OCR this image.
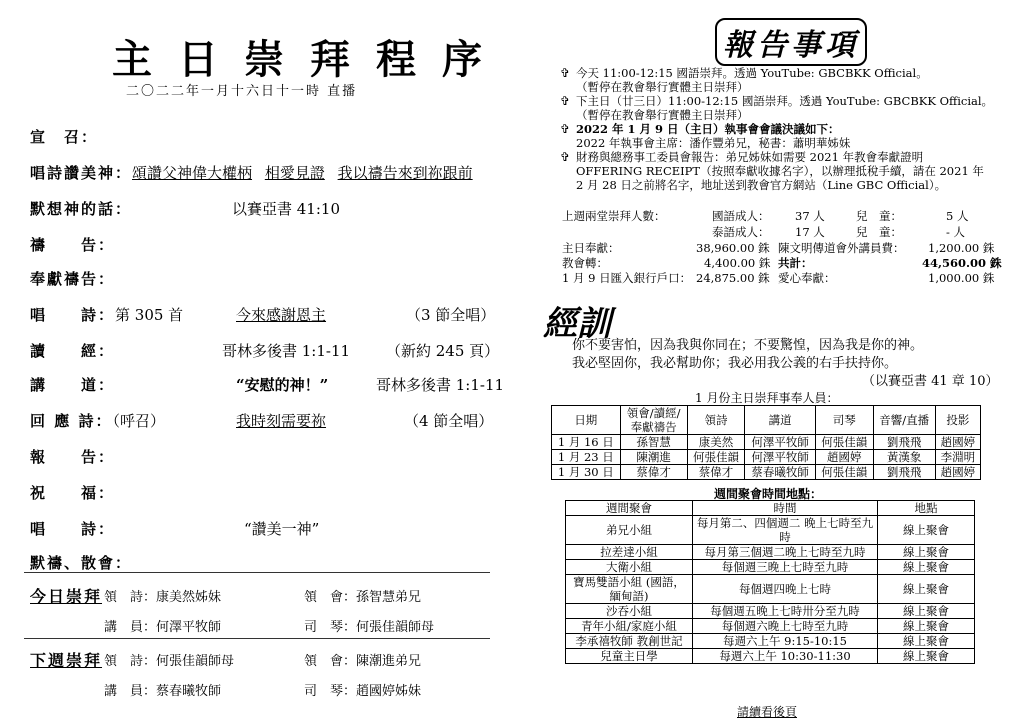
主日崇拜程序
二〇二二年一月十六日十一時 直播
宣　召：
唱詩讚美神：頌讚父神偉大權柄 相愛見證 我以禱告來到祢跟前
默想神的話：	以賽亞書 41:10
禱　　告：
奉獻禱告：
唱　　詩：第 305 首	今來感謝恩主	（3 節全唱）
讀　　經：	哥林多後書 1:1-11 （新約 245 頁）
講　　道：	“安慰的神！”	哥林多後書 1:1-11
回 應 詩：（呼召）	我時刻需要祢	（4 節全唱）
報　　告：
祝　　福：
唱　　詩：	“讚美一神”
默禱、散會：
今日崇拜 領　詩：康美然姊妹	領　會：孫智慧弟兄
講　員：何澤平牧師	司　琴：何張佳韻師母
下週崇拜 領　詩：何張佳韻師母	領　會：陳潮進弟兄
講　員：蔡春曦牧師	司　琴：趙國婷姊妹
報告事項
✞ 今天 11:00-12:15 國語崇拜。透過 YouTube: GBCBKK Official。
（暫停在教會舉行實體主日崇拜）
✞ 下主日（廿三日）11:00-12:15 國語崇拜。透過 YouTube: GBCBKK Official。
（暫停在教會舉行實體主日崇拜）
✞ 2022 年 1 月 9 日（主日）執事會會議決議如下：
2022 年執事會主席：潘作豐弟兄，秘書：蕭明華姊妹
✞ 財務與總務事工委員會報告：弟兄姊妹如需要 2021 年教會奉獻證明
OFFERING RECEIPT（按照奉獻收據名字），以辦理抵稅手續，請在 2021 年
2 月 28 日之前將名字，地址送到教會官方網站（Line GBC Official）。
上週兩堂崇拜人數：	國語成人： 37 人	兒　童：	5 人
泰語成人： 17 人	兒　童：	- 人
主日奉獻：	38,960.00 銖 陳文明傳道會外講員費： 1,200.00 銖
教會轉：	4,400.00 銖 共計：	44,560.00 銖
1 月 9 日匯入銀行戶口： 24,875.00 銖 愛心奉獻：	1,000.00 銖
經訓
你不要害怕，因為我與你同在；不要驚惶，因為我是你的神。
我必堅固你，我必幫助你；我必用我公義的右手扶持你。
（以賽亞書 41 章 10）
1 月份主日崇拜事奉人員：
日期	領會/讀經/奉獻禱告	領詩	講道	司琴	音響/直播	投影
1 月 16 日	孫智慧	康美然	何澤平牧師	何張佳韻	劉飛飛	趙國婷
1 月 23 日	陳潮進	何張佳韻	何澤平牧師	趙國婷	黃漢象	李淵明
1 月 30 日	蔡偉才	蔡偉才	蔡春曦牧師	何張佳韻	劉飛飛	趙國婷
週間聚會時間地點：
週間聚會	時間	地點
弟兄小組	每月第二、四個週二 晚上七時至九時	線上聚會
拉差達小組	每月第三個週二晚上七時至九時	線上聚會
大衛小組	每個週三晚上七時至九時	線上聚會
寶馬雙語小組 (國語，緬甸語)	每個週四晚上七時	線上聚會
沙吞小組	每個週五晚上七時卅分至九時	線上聚會
青年小組/家庭小組	每個週六晚上七時至九時	線上聚會
李承禧牧師 教創世記	每週六上午 9:15-10:15	線上聚會
兒童主日學	每週六上午 10:30-11:30	線上聚會
請續看後頁
